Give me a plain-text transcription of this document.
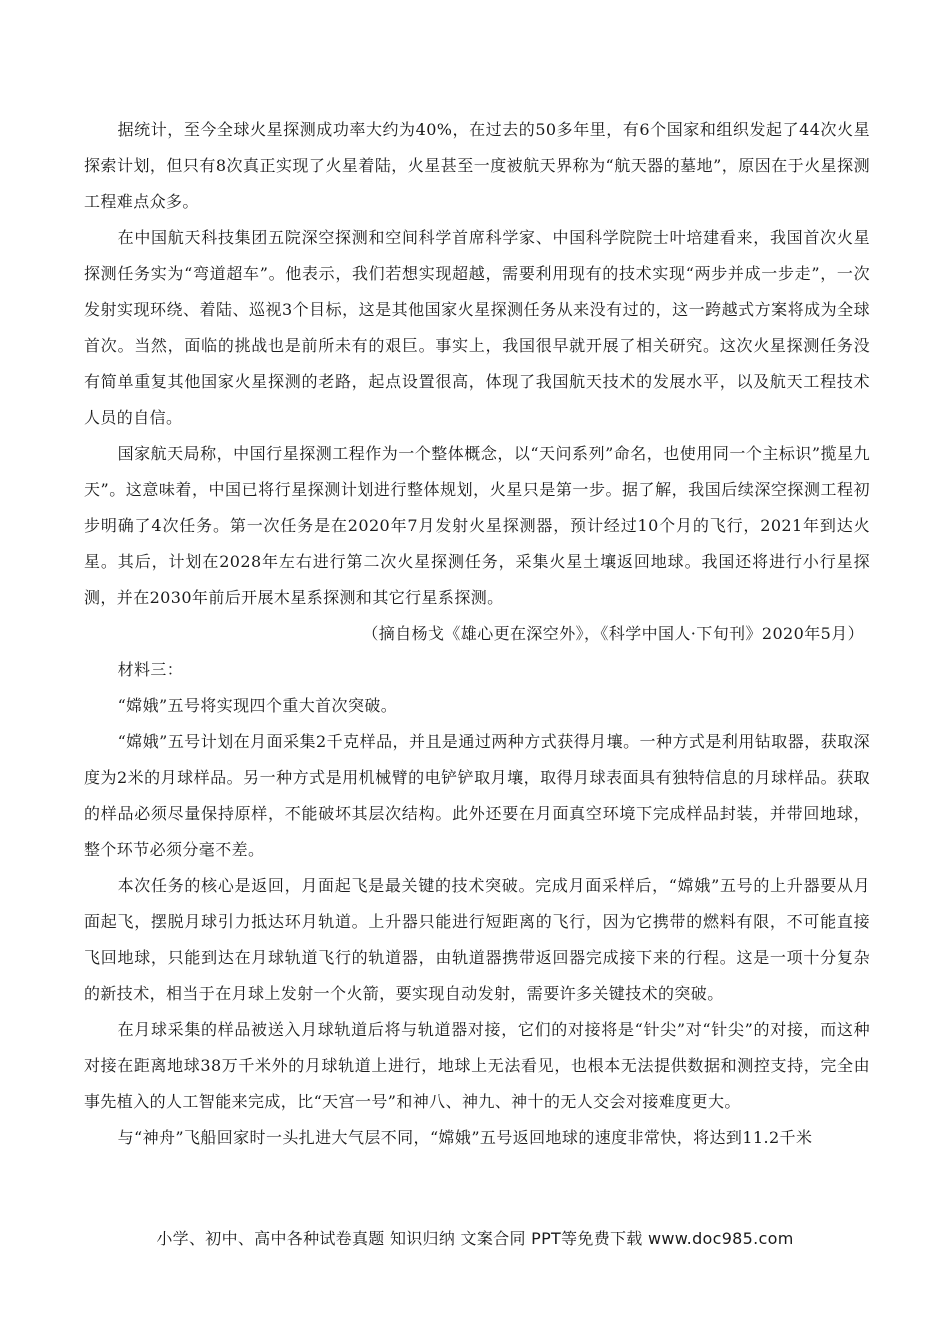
据统计，至今全球火星探测成功率大约为40%，在过去的50多年里，有6个国家和组织发起了44次火星探索计划，但只有8次真正实现了火星着陆，火星甚至一度被航天界称为“航天器的墓地”，原因在于火星探测工程难点众多。

在中国航天科技集团五院深空探测和空间科学首席科学家、中国科学院院士叶培建看来，我国首次火星探测任务实为“弯道超车”。他表示，我们若想实现超越，需要利用现有的技术实现“两步并成一步走”，一次发射实现环绕、着陆、巡视3个目标，这是其他国家火星探测任务从来没有过的，这一跨越式方案将成为全球首次。当然，面临的挑战也是前所未有的艰巨。事实上，我国很早就开展了相关研究。这次火星探测任务没有简单重复其他国家火星探测的老路，起点设置很高，体现了我国航天技术的发展水平，以及航天工程技术人员的自信。

国家航天局称，中国行星探测工程作为一个整体概念，以“天问系列”命名，也使用同一个主标识”揽星九天”。这意味着，中国已将行星探测计划进行整体规划，火星只是第一步。据了解，我国后续深空探测工程初步明确了4次任务。第一次任务是在2020年7月发射火星探测器，预计经过10个月的飞行，2021年到达火星。其后，计划在2028年左右进行第二次火星探测任务，采集火星土壤返回地球。我国还将进行小行星探测，并在2030年前后开展木星系探测和其它行星系探测。

（摘自杨戈《雄心更在深空外》，《科学中国人·下旬刊》2020年5月）

材料三：

“嫦娥”五号将实现四个重大首次突破。

“嫦娥”五号计划在月面采集2千克样品，并且是通过两种方式获得月壤。一种方式是利用钻取器，获取深度为2米的月球样品。另一种方式是用机械臂的电铲铲取月壤，取得月球表面具有独特信息的月球样品。获取的样品必须尽量保持原样，不能破坏其层次结构。此外还要在月面真空环境下完成样品封装，并带回地球，整个环节必须分毫不差。

本次任务的核心是返回，月面起飞是最关键的技术突破。完成月面采样后，“嫦娥”五号的上升器要从月面起飞，摆脱月球引力抵达环月轨道。上升器只能进行短距离的飞行，因为它携带的燃料有限，不可能直接飞回地球，只能到达在月球轨道飞行的轨道器，由轨道器携带返回器完成接下来的行程。这是一项十分复杂的新技术，相当于在月球上发射一个火箭，要实现自动发射，需要许多关键技术的突破。

在月球采集的样品被送入月球轨道后将与轨道器对接，它们的对接将是“针尖”对“针尖”的对接，而这种对接在距离地球38万千米外的月球轨道上进行，地球上无法看见，也根本无法提供数据和测控支持，完全由事先植入的人工智能来完成，比“天宫一号”和神八、神九、神十的无人交会对接难度更大。

与“神舟”飞船回家时一头扎进大气层不同，“嫦娥”五号返回地球的速度非常快，将达到11.2千米

小学、初中、高中各种试卷真题 知识归纳 文案合同 PPT等免费下载 www.doc985.com
